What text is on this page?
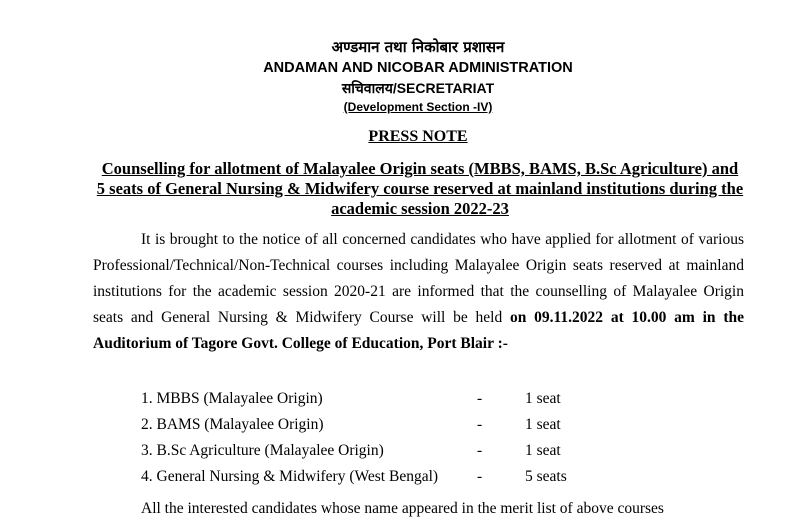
अण्डमान तथा निकोबार प्रशासन
ANDAMAN AND NICOBAR ADMINISTRATION
सचिवालय/SECRETARIAT
(Development Section -IV)
PRESS NOTE
Counselling for allotment of Malayalee Origin seats (MBBS, BAMS, B.Sc Agriculture) and 5 seats of General Nursing & Midwifery course reserved at mainland institutions during the academic session 2022-23
It is brought to the notice of all concerned candidates who have applied for allotment of various Professional/Technical/Non-Technical courses including Malayalee Origin seats reserved at mainland institutions for the academic session 2020-21 are informed that the counselling of Malayalee Origin seats and General Nursing & Midwifery Course will be held on 09.11.2022 at 10.00 am in the Auditorium of Tagore Govt. College of Education, Port Blair :-
1. MBBS (Malayalee Origin)	-	1 seat
2. BAMS (Malayalee Origin)	-	1 seat
3. B.Sc Agriculture (Malayalee Origin)	-	1 seat
4. General Nursing & Midwifery (West Bengal)	-	5 seats
All the interested candidates whose name appeared in the merit list of above courses
